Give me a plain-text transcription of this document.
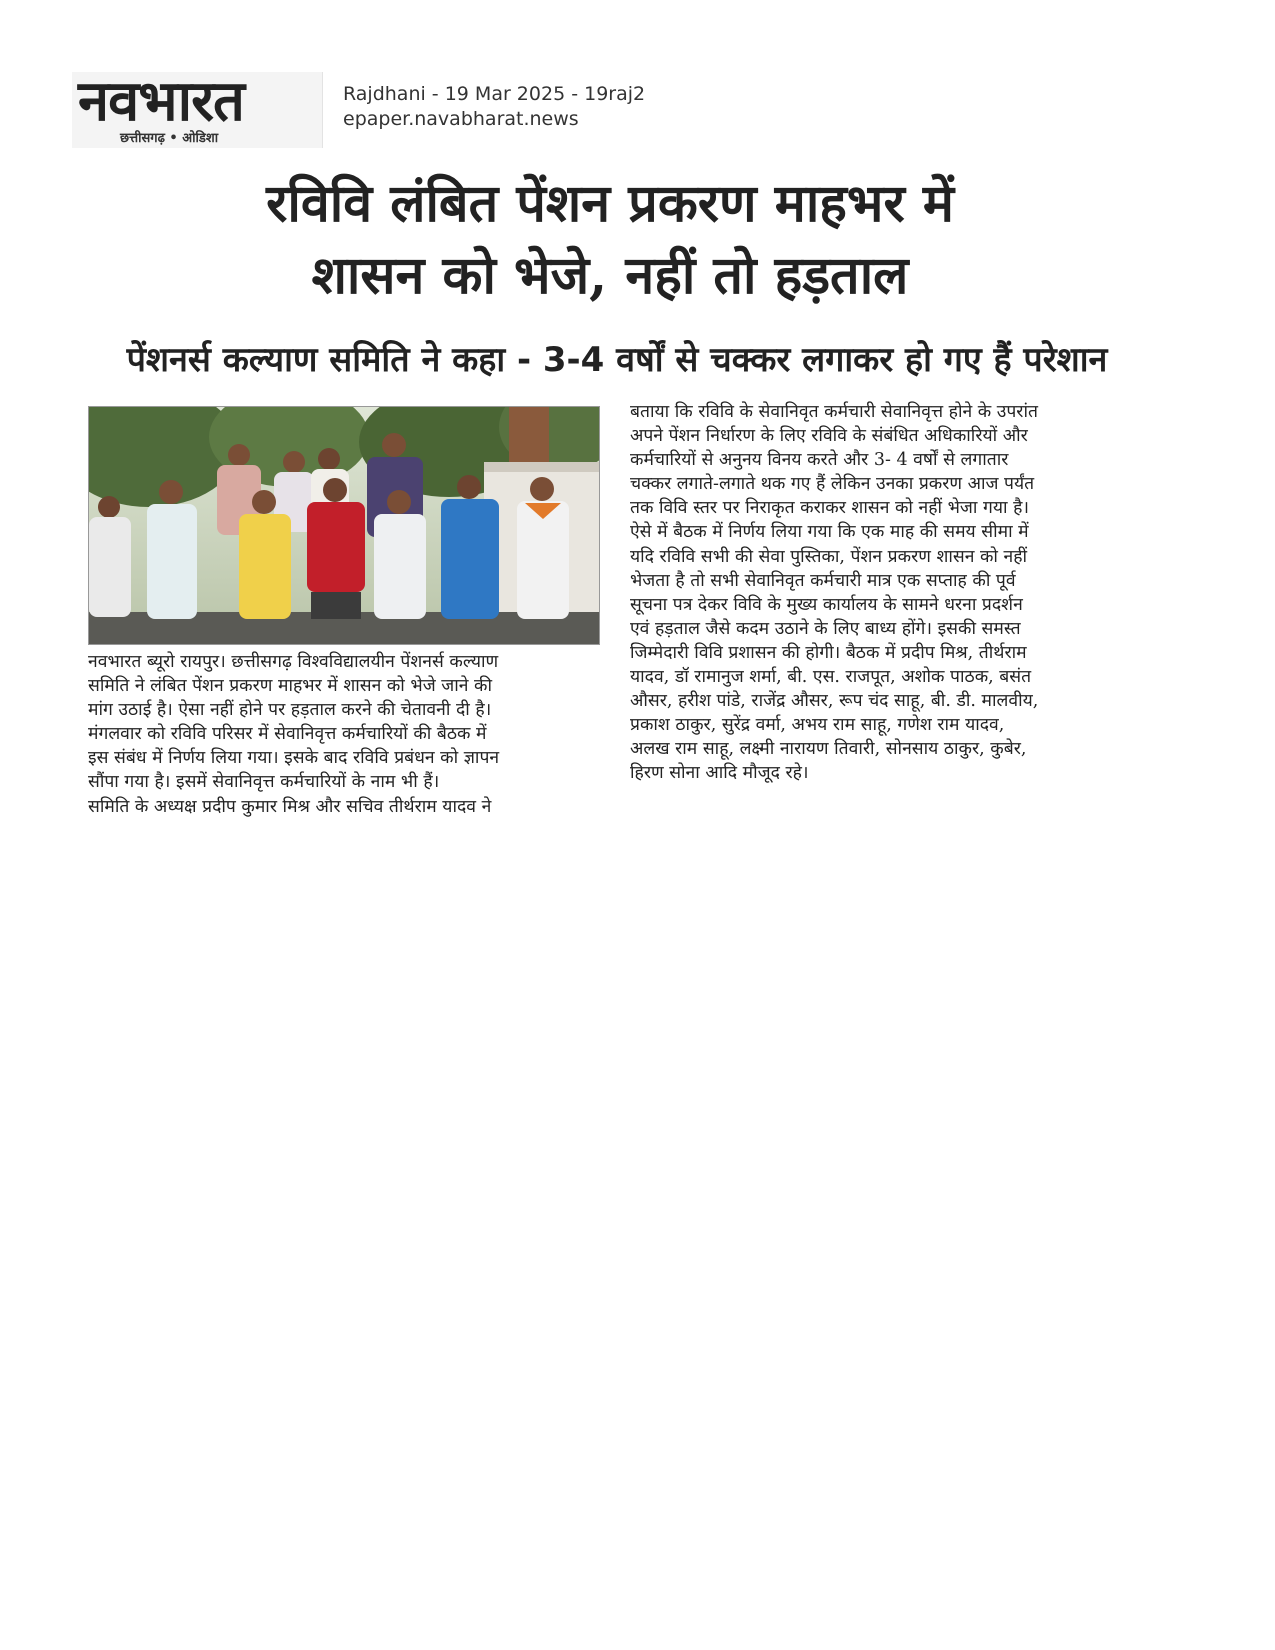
नवभारत
छत्तीसगढ़ • ओडिशा
Rajdhani - 19 Mar 2025 - 19raj2
epaper.navabharat.news
रविवि लंबित पेंशन प्रकरण माहभर में
शासन को भेजे, नहीं तो हड़ताल
पेंशनर्स कल्याण समिति ने कहा - 3-4 वर्षों से चक्कर लगाकर हो गए हैं परेशान
नवभारत ब्यूरो रायपुर। छत्तीसगढ़ विश्वविद्यालयीन पेंशनर्स कल्याण
समिति ने लंबित पेंशन प्रकरण माहभर में शासन को भेजे जाने की
मांग उठाई है। ऐसा नहीं होने पर हड़ताल करने की चेतावनी दी है।
मंगलवार को रविवि परिसर में सेवानिवृत्त कर्मचारियों की बैठक में
इस संबंध में निर्णय लिया गया। इसके बाद रविवि प्रबंधन को ज्ञापन
सौंपा गया है। इसमें सेवानिवृत्त कर्मचारियों के नाम भी हैं।
समिति के अध्यक्ष प्रदीप कुमार मिश्र और सचिव तीर्थराम यादव ने
बताया कि रविवि के सेवानिवृत कर्मचारी सेवानिवृत्त होने के उपरांत
अपने पेंशन निर्धारण के लिए रविवि के संबंधित अधिकारियों और
कर्मचारियों से अनुनय विनय करते और 3- 4 वर्षों से लगातार
चक्कर लगाते-लगाते थक गए हैं लेकिन उनका प्रकरण आज पर्यंत
तक विवि स्तर पर निराकृत कराकर शासन को नहीं भेजा गया है।
ऐसे में बैठक में निर्णय लिया गया कि एक माह की समय सीमा में
यदि रविवि सभी की सेवा पुस्तिका, पेंशन प्रकरण शासन को नहीं
भेजता है तो सभी सेवानिवृत कर्मचारी मात्र एक सप्ताह की पूर्व
सूचना पत्र देकर विवि के मुख्य कार्यालय के सामने धरना प्रदर्शन
एवं हड़ताल जैसे कदम उठाने के लिए बाध्य होंगे। इसकी समस्त
जिम्मेदारी विवि प्रशासन की होगी। बैठक में प्रदीप मिश्र, तीर्थराम
यादव, डॉ रामानुज शर्मा, बी. एस. राजपूत, अशोक पाठक, बसंत
औसर, हरीश पांडे, राजेंद्र औसर, रूप चंद साहू, बी. डी. मालवीय,
प्रकाश ठाकुर, सुरेंद्र वर्मा, अभय राम साहू, गणेश राम यादव,
अलख राम साहू, लक्ष्मी नारायण तिवारी, सोनसाय ठाकुर, कुबेर,
हिरण सोना आदि मौजूद रहे।
